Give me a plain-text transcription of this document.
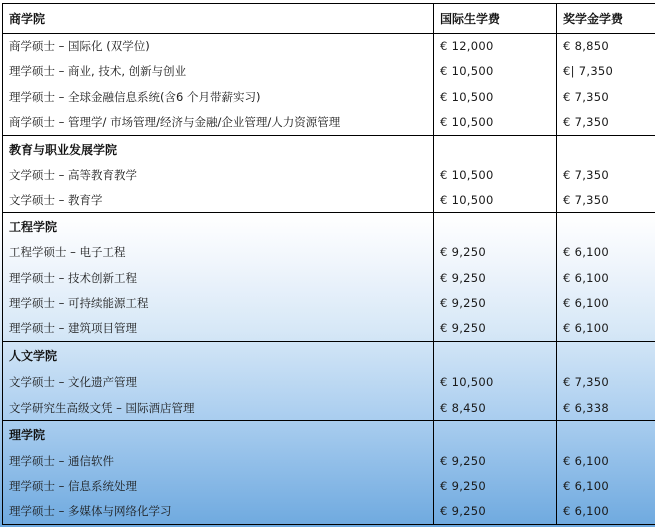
商学院	国际生学费	奖学金学费
商学硕士 – 国际化 (双学位)	€ 12,000	€ 8,850
理学硕士 – 商业, 技术, 创新与创业	€ 10,500	€| 7,350
理学硕士 – 全球金融信息系统(含6 个月带薪实习)	€ 10,500	€ 7,350
商学硕士 – 管理学/ 市场管理/经济与金融/企业管理/人力资源管理	€ 10,500	€ 7,350
教育与职业发展学院		
文学硕士 – 高等教育教学	€ 10,500	€ 7,350
文学硕士 – 教育学	€ 10,500	€ 7,350
工程学院		
工程学硕士 – 电子工程	€ 9,250	€ 6,100
理学硕士 – 技术创新工程	€ 9,250	€ 6,100
理学硕士 – 可持续能源工程	€ 9,250	€ 6,100
理学硕士 – 建筑项目管理	€ 9,250	€ 6,100
人文学院		
文学硕士 – 文化遗产管理	€ 10,500	€ 7,350
文学研究生高级文凭 – 国际酒店管理	€ 8,450	€ 6,338
理学院		
理学硕士 – 通信软件	€ 9,250	€ 6,100
理学硕士 – 信息系统处理	€ 9,250	€ 6,100
理学硕士 – 多媒体与网络化学习	€ 9,250	€ 6,100
